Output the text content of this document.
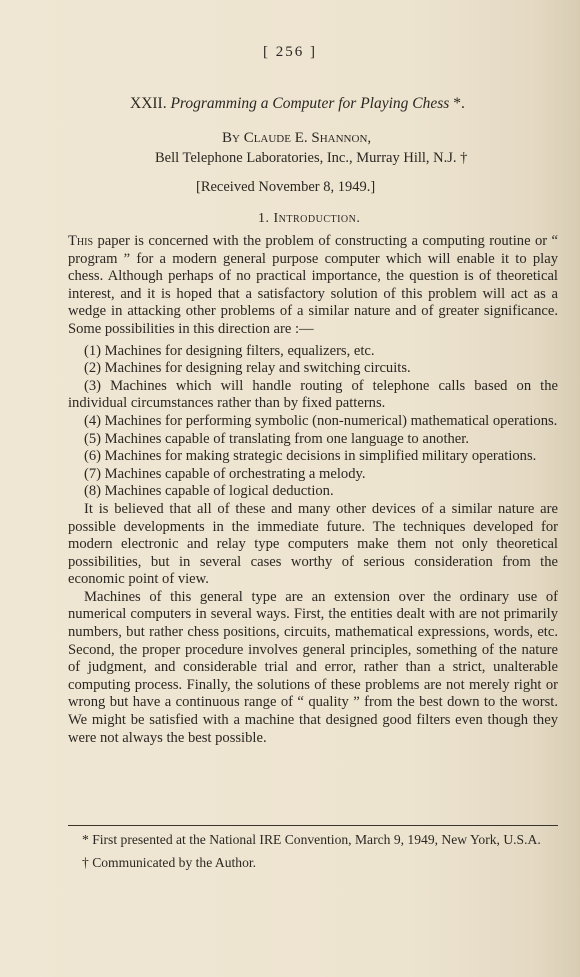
[ 256 ]
XXII. Programming a Computer for Playing Chess *.
By Claude E. Shannon,
Bell Telephone Laboratories, Inc., Murray Hill, N.J. †
[Received November 8, 1949.]
1. Introduction.

This paper is concerned with the problem of constructing a computing routine or “ program ” for a modern general purpose computer which will enable it to play chess. Although perhaps of no practical importance, the question is of theoretical interest, and it is hoped that a satisfactory solution of this problem will act as a wedge in attacking other problems of a similar nature and of greater significance. Some possibilities in this direction are :—

(1) Machines for designing filters, equalizers, etc.

(2) Machines for designing relay and switching circuits.

(3) Machines which will handle routing of telephone calls based on the individual circumstances rather than by fixed patterns.

(4) Machines for performing symbolic (non-numerical) mathematical operations.

(5) Machines capable of translating from one language to another.

(6) Machines for making strategic decisions in simplified military operations.

(7) Machines capable of orchestrating a melody.

(8) Machines capable of logical deduction.

It is believed that all of these and many other devices of a similar nature are possible developments in the immediate future. The techniques developed for modern electronic and relay type computers make them not only theoretical possibilities, but in several cases worthy of serious consideration from the economic point of view.

Machines of this general type are an extension over the ordinary use of numerical computers in several ways. First, the entities dealt with are not primarily numbers, but rather chess positions, circuits, mathematical expressions, words, etc. Second, the proper procedure involves general principles, something of the nature of judgment, and considerable trial and error, rather than a strict, unalterable computing process. Finally, the solutions of these problems are not merely right or wrong but have a continuous range of “ quality ” from the best down to the worst. We might be satisfied with a machine that designed good filters even though they were not always the best possible.

* First presented at the National IRE Convention, March 9, 1949, New York, U.S.A.

† Communicated by the Author.
